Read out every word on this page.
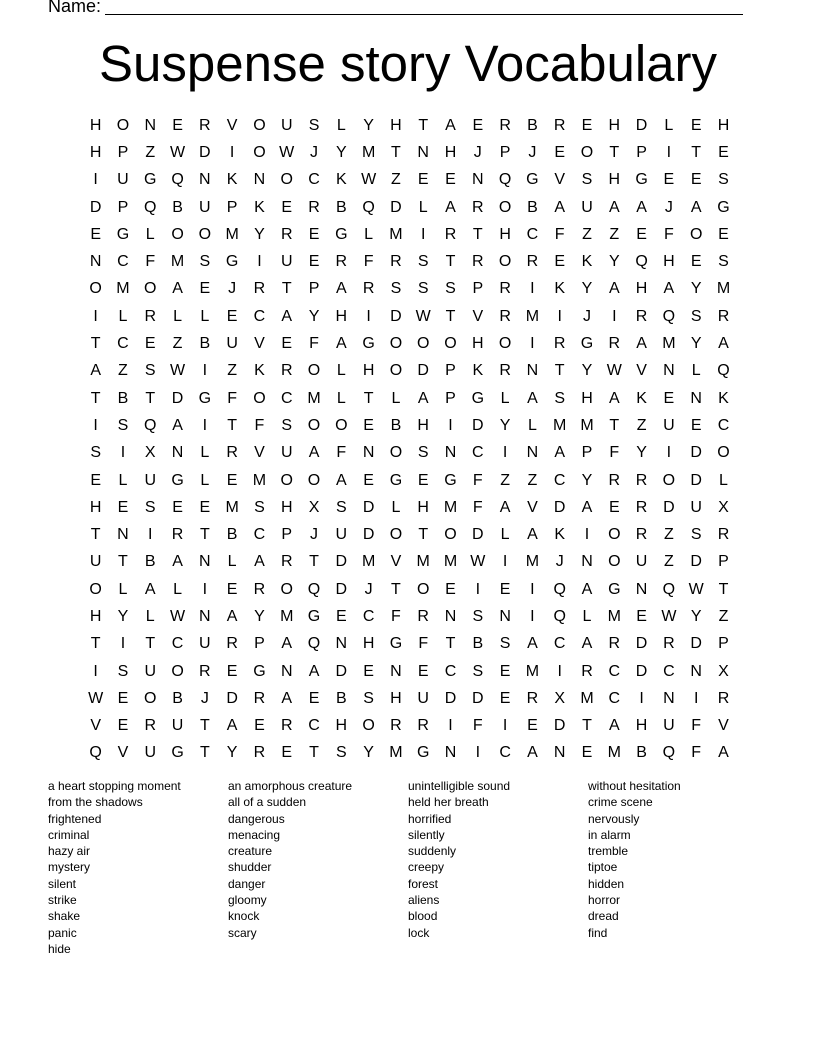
Name:
Suspense story Vocabulary
H	O	N	E	R	V	O	U	S	L	Y	H	T	A	E	R	B	R	E	H	D	L	E	H
H	P	Z	W	D	I	O	W	J	Y	M	T	N	H	J	P	J	E	O	T	P	I	T	E
I	U	G	Q	N	K	N	O	C	K	W	Z	E	E	N	Q	G	V	S	H	G	E	E	S
D	P	Q	B	U	P	K	E	R	B	Q	D	L	A	R	O	B	A	U	A	A	J	A	G
E	G	L	O	O	M	Y	R	E	G	L	M	I	R	T	H	C	F	Z	Z	E	F	O	E
N	C	F	M	S	G	I	U	E	R	F	R	S	T	R	O	R	E	K	Y	Q	H	E	S
O	M	O	A	E	J	R	T	P	A	R	S	S	S	P	R	I	K	Y	A	H	A	Y	M
I	L	R	L	L	E	C	A	Y	H	I	D	W	T	V	R	M	I	J	I	R	Q	S	R
T	C	E	Z	B	U	V	E	F	A	G	O	O	O	H	O	I	R	G	R	A	M	Y	A
A	Z	S	W	I	Z	K	R	O	L	H	O	D	P	K	R	N	T	Y	W	V	N	L	Q
T	B	T	D	G	F	O	C	M	L	T	L	A	P	G	L	A	S	H	A	K	E	N	K
I	S	Q	A	I	T	F	S	O	O	E	B	H	I	D	Y	L	M	M	T	Z	U	E	C
S	I	X	N	L	R	V	U	A	F	N	O	S	N	C	I	N	A	P	F	Y	I	D	O
E	L	U	G	L	E	M	O	O	A	E	G	E	G	F	Z	Z	C	Y	R	R	O	D	L
H	E	S	E	E	M	S	H	X	S	D	L	H	M	F	A	V	D	A	E	R	D	U	X
T	N	I	R	T	B	C	P	J	U	D	O	T	O	D	L	A	K	I	O	R	Z	S	R
U	T	B	A	N	L	A	R	T	D	M	V	M	M	W	I	M	J	N	O	U	Z	D	P
O	L	A	L	I	E	R	O	Q	D	J	T	O	E	I	E	I	Q	A	G	N	Q	W	T
H	Y	L	W	N	A	Y	M	G	E	C	F	R	N	S	N	I	Q	L	M	E	W	Y	Z
T	I	T	C	U	R	P	A	Q	N	H	G	F	T	B	S	A	C	A	R	D	R	D	P
I	S	U	O	R	E	G	N	A	D	E	N	E	C	S	E	M	I	R	C	D	C	N	X
W	E	O	B	J	D	R	A	E	B	S	H	U	D	D	E	R	X	M	C	I	N	I	R
V	E	R	U	T	A	E	R	C	H	O	R	R	I	F	I	E	D	T	A	H	U	F	V
Q	V	U	G	T	Y	R	E	T	S	Y	M	G	N	I	C	A	N	E	M	B	Q	F	A
a heart stopping moment
from the shadows
frightened
criminal
hazy air
mystery
silent
strike
shake
panic
hide
an amorphous creature
all of a sudden
dangerous
menacing
creature
shudder
danger
gloomy
knock
scary
unintelligible sound
held her breath
horrified
silently
suddenly
creepy
forest
aliens
blood
lock
without hesitation
crime scene
nervously
in alarm
tremble
tiptoe
hidden
horror
dread
find
